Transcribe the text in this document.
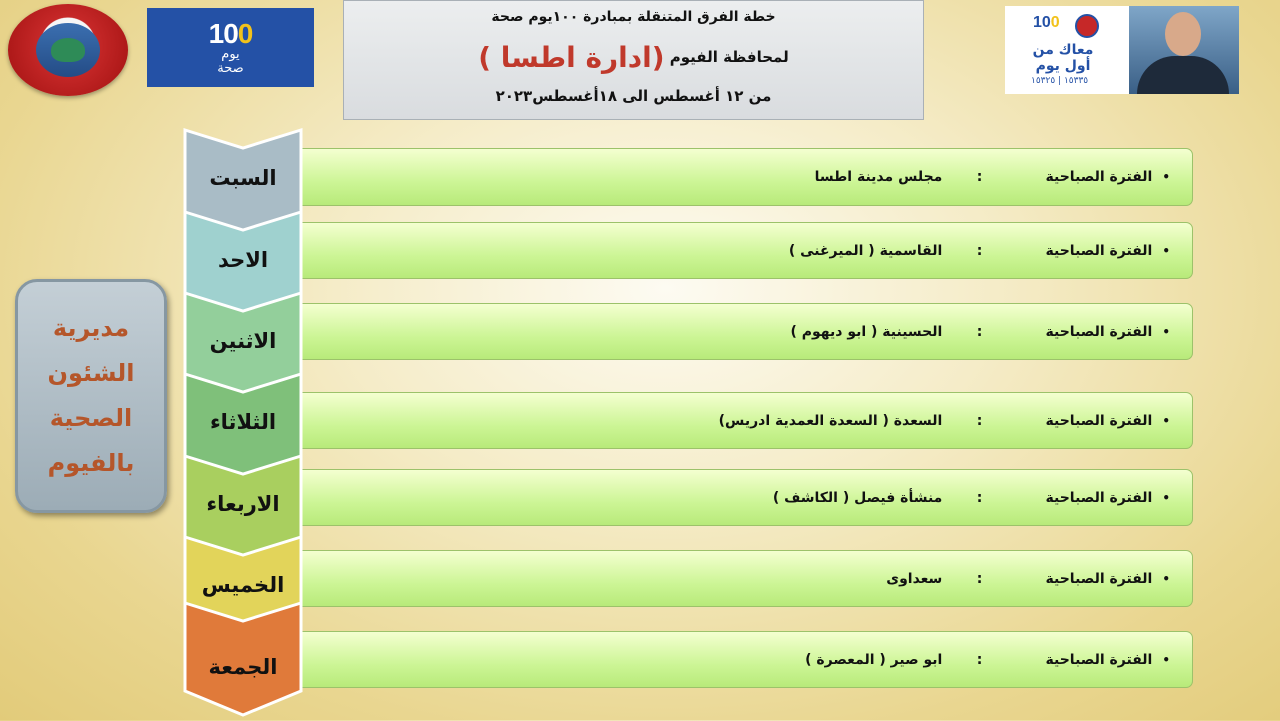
100
يوم
صحة
خطة الفرق المتنقلة بمبادرة ١٠٠يوم صحة
لمحافظة الفيوم (ادارة اطسا )
من ١٢ أغسطس الى ١٨أغسطس٢٠٢٣
100
معاك من أول يوم
١٥٣٣٥ | ١٥٣٢٥
مديرية
الشئون
الصحية
بالفيوم
•
الفترة الصباحية
:
مجلس مدينة اطسا
•
الفترة الصباحية
:
القاسمية ( الميرغنى )
•
الفترة الصباحية
:
الحسينية ( ابو ديهوم )
•
الفترة الصباحية
:
السعدة ( السعدة العمدية ادريس)
•
الفترة الصباحية
:
منشأة فيصل ( الكاشف )
•
الفترة الصباحية
:
سعداوى
•
الفترة الصباحية
:
ابو صير ( المعصرة )
السبت
الاحد
الاثنين
الثلاثاء
الاربعاء
الخميس
الجمعة
